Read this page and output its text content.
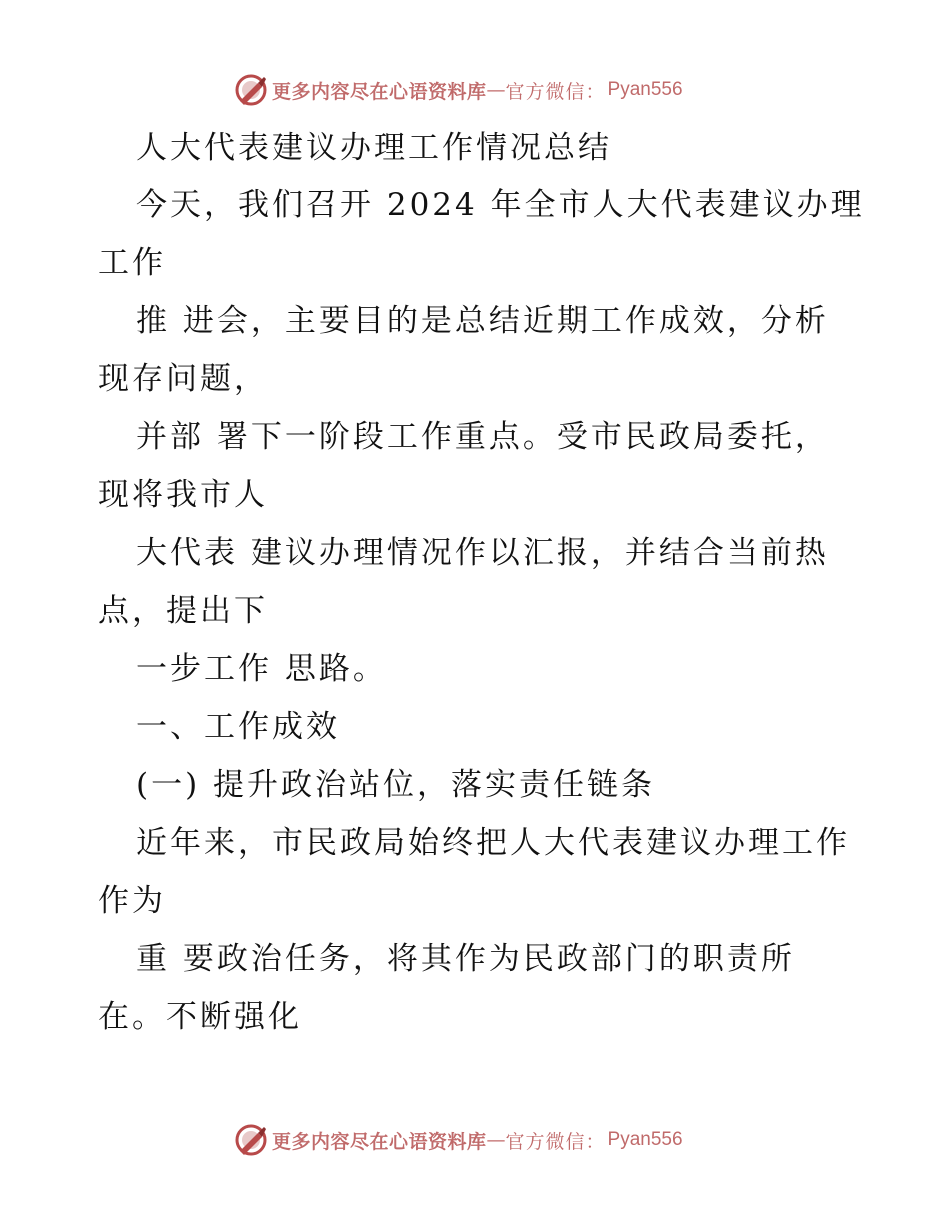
更多内容尽在心语资料库 — 官方微信： Pyan556
人大代表建议办理工作情况总结
今天，我们召开 2024 年全市人大代表建议办理
工作
推 进会，主要目的是总结近期工作成效，分析
现存问题，
并部 署下一阶段工作重点。受市民政局委托，
现将我市人
大代表 建议办理情况作以汇报，并结合当前热
点，提出下
一步工作 思路。
一、工作成效
(一) 提升政治站位，落实责任链条
近年来，市民政局始终把人大代表建议办理工作
作为
重 要政治任务，将其作为民政部门的职责所
在。不断强化
更多内容尽在心语资料库 — 官方微信： Pyan556
